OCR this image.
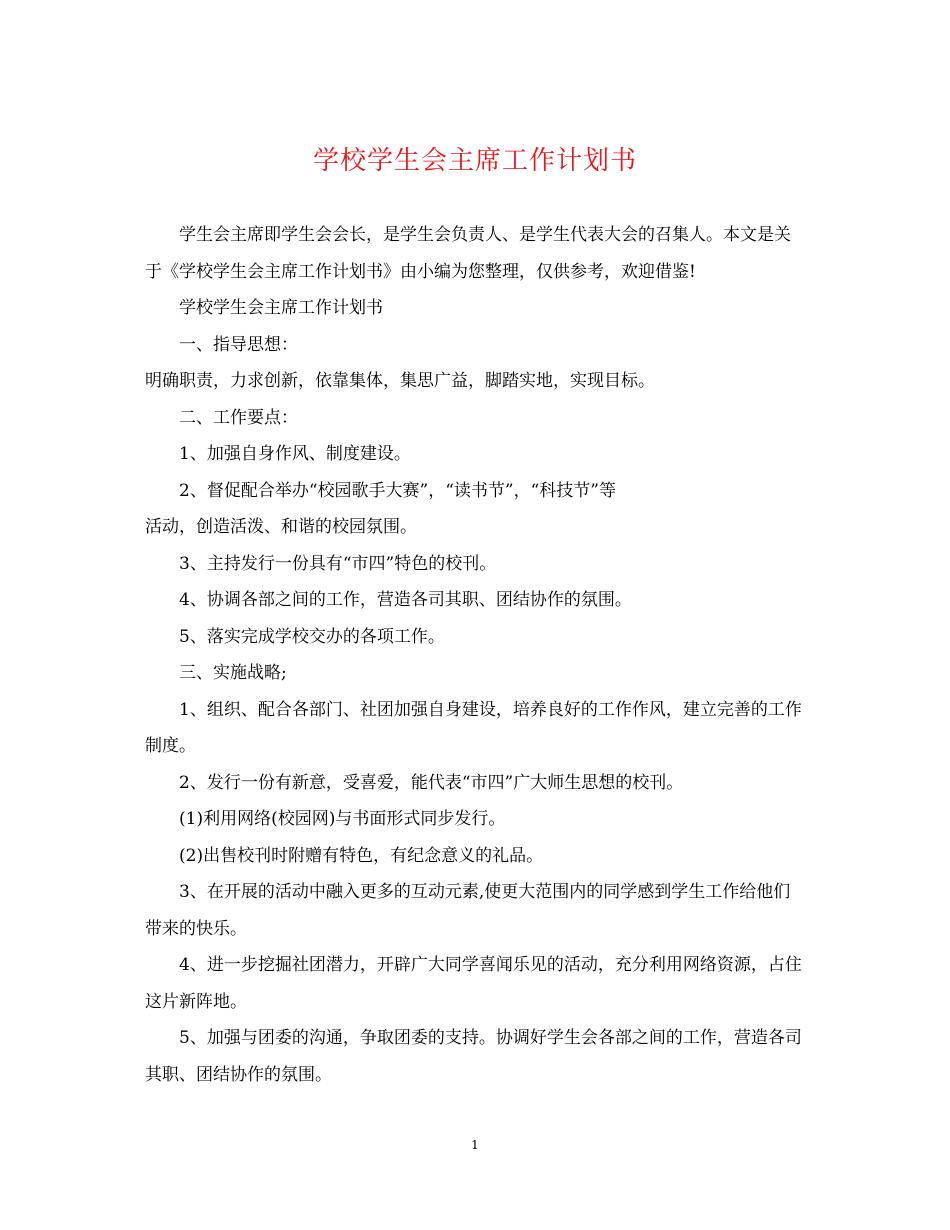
学校学生会主席工作计划书

学生会主席即学生会会长，是学生会负责人、是学生代表大会的召集人。本文是关于《学校学生会主席工作计划书》由小编为您整理，仅供参考，欢迎借鉴!

学校学生会主席工作计划书

一、指导思想：

明确职责，力求创新，依靠集体，集思广益，脚踏实地，实现目标。

二、工作要点：

1、加强自身作风、制度建设。

2、督促配合举办“校园歌手大赛”，“读书节”，“科技节”等

活动，创造活泼、和谐的校园氛围。

3、主持发行一份具有“市四”特色的校刊。

4、协调各部之间的工作，营造各司其职、团结协作的氛围。

5、落实完成学校交办的各项工作。

三、实施战略;

1、组织、配合各部门、社团加强自身建设，培养良好的工作作风，建立完善的工作制度。

2、发行一份有新意，受喜爱，能代表“市四”广大师生思想的校刊。

(1)利用网络(校园网)与书面形式同步发行。

(2)出售校刊时附赠有特色，有纪念意义的礼品。

3、在开展的活动中融入更多的互动元素,使更大范围内的同学感到学生工作给他们带来的快乐。

4、进一步挖掘社团潜力，开辟广大同学喜闻乐见的活动，充分利用网络资源，占住这片新阵地。

5、加强与团委的沟通，争取团委的支持。协调好学生会各部之间的工作，营造各司其职、团结协作的氛围。

1
